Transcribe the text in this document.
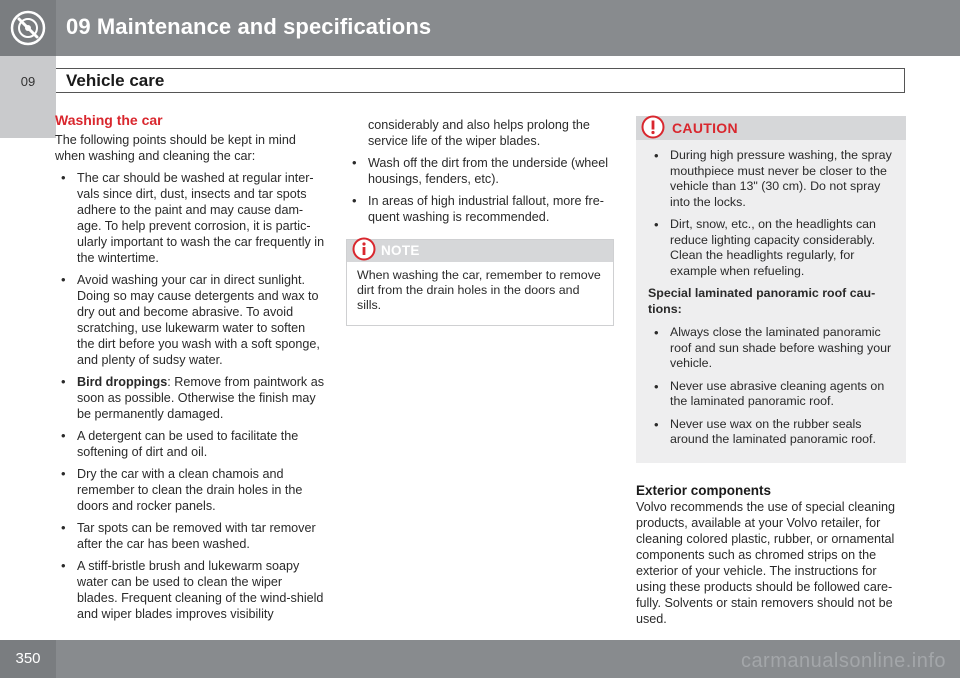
09 Maintenance and specifications
09	Vehicle care
Washing the car
The following points should be kept in mind when washing and cleaning the car:
• The car should be washed at regular inter-vals since dirt, dust, insects and tar spots adhere to the paint and may cause dam-age. To help prevent corrosion, it is partic-ularly important to wash the car frequently in the wintertime.
• Avoid washing your car in direct sunlight. Doing so may cause detergents and wax to dry out and become abrasive. To avoid scratching, use lukewarm water to soften the dirt before you wash with a soft sponge, and plenty of sudsy water.
• Bird droppings: Remove from paintwork as soon as possible. Otherwise the finish may be permanently damaged.
• A detergent can be used to facilitate the softening of dirt and oil.
• Dry the car with a clean chamois and remember to clean the drain holes in the doors and rocker panels.
• Tar spots can be removed with tar remover after the car has been washed.
• A stiff-bristle brush and lukewarm soapy water can be used to clean the wiper blades. Frequent cleaning of the wind-shield and wiper blades improves visibility
considerably and also helps prolong the service life of the wiper blades.
• Wash off the dirt from the underside (wheel housings, fenders, etc).
• In areas of high industrial fallout, more fre-quent washing is recommended.
NOTE
When washing the car, remember to remove dirt from the drain holes in the doors and sills.
CAUTION
• During high pressure washing, the spray mouthpiece must never be closer to the vehicle than 13" (30 cm). Do not spray into the locks.
• Dirt, snow, etc., on the headlights can reduce lighting capacity considerably. Clean the headlights regularly, for example when refueling.
Special laminated panoramic roof cau-tions:
• Always close the laminated panoramic roof and sun shade before washing your vehicle.
• Never use abrasive cleaning agents on the laminated panoramic roof.
• Never use wax on the rubber seals around the laminated panoramic roof.
Exterior components
Volvo recommends the use of special cleaning products, available at your Volvo retailer, for cleaning colored plastic, rubber, or ornamental components such as chromed strips on the exterior of your vehicle. The instructions for using these products should be followed care-fully. Solvents or stain removers should not be used.
350	carmanualsonline.info
